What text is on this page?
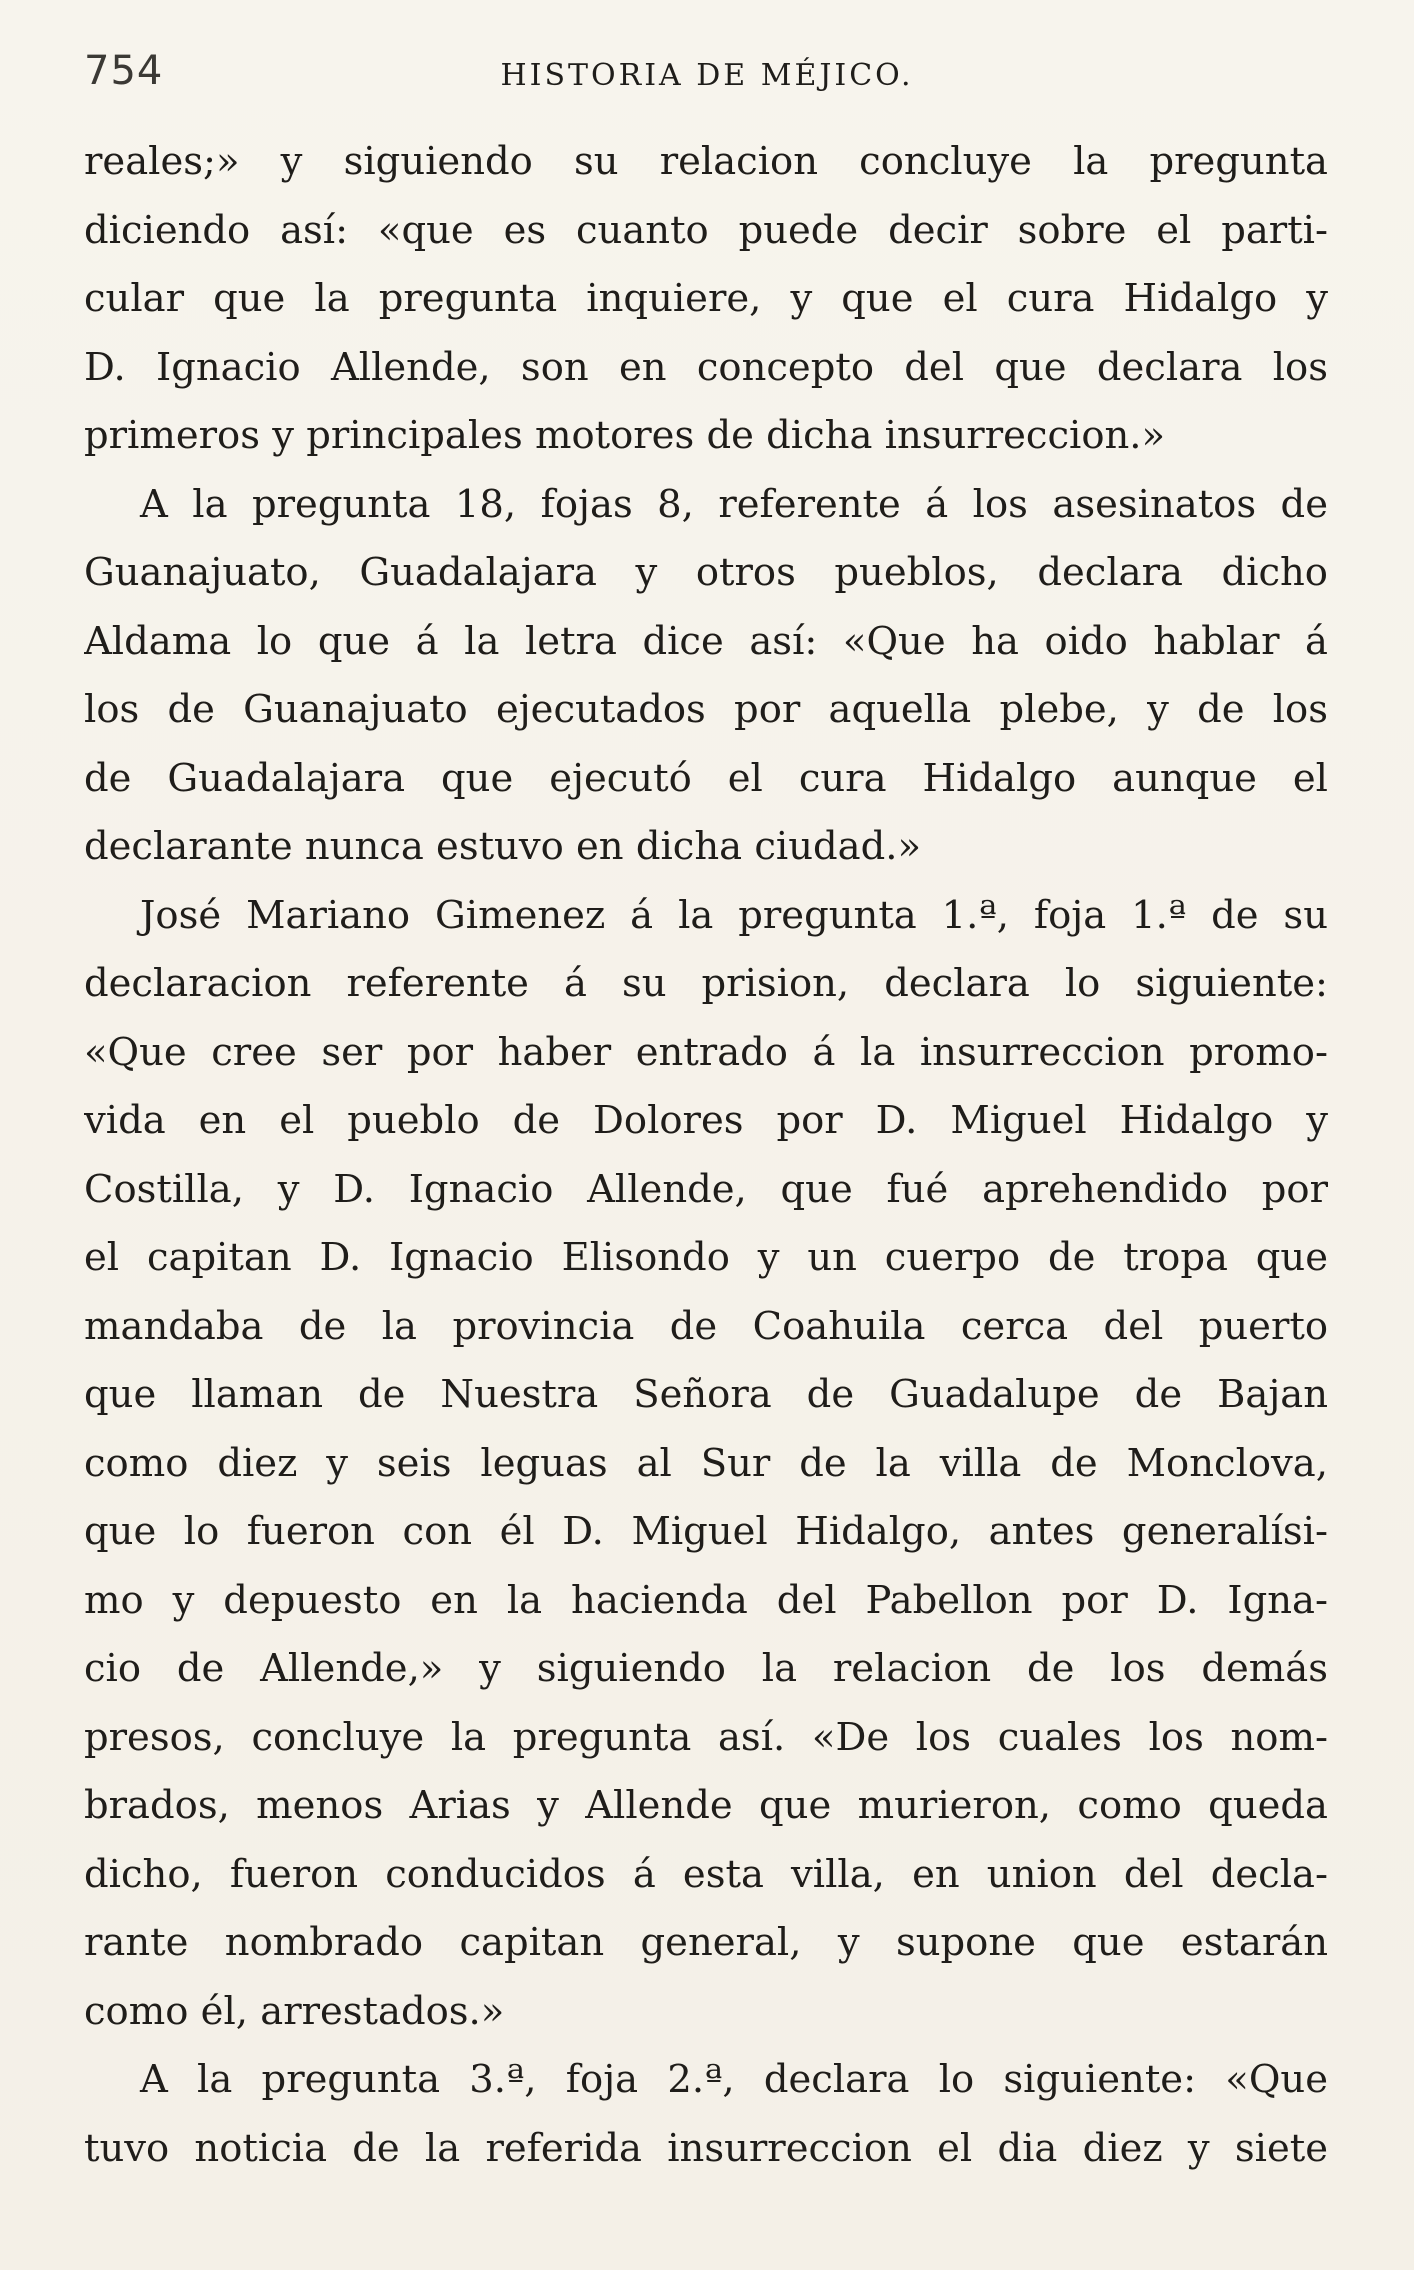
754	HISTORIA DE MÉJICO.
reales;» y siguiendo su relacion concluye la pregunta
diciendo así: «que es cuanto puede decir sobre el parti-
cular que la pregunta inquiere, y que el cura Hidalgo y
D. Ignacio Allende, son en concepto del que declara los
primeros y principales motores de dicha insurreccion.»
A la pregunta 18, fojas 8, referente á los asesinatos de
Guanajuato, Guadalajara y otros pueblos, declara dicho
Aldama lo que á la letra dice así: «Que ha oido hablar á
los de Guanajuato ejecutados por aquella plebe, y de los
de Guadalajara que ejecutó el cura Hidalgo aunque el
declarante nunca estuvo en dicha ciudad.»
José Mariano Gimenez á la pregunta 1.ª, foja 1.ª de su
declaracion referente á su prision, declara lo siguiente:
«Que cree ser por haber entrado á la insurreccion promo-
vida en el pueblo de Dolores por D. Miguel Hidalgo y
Costilla, y D. Ignacio Allende, que fué aprehendido por
el capitan D. Ignacio Elisondo y un cuerpo de tropa que
mandaba de la provincia de Coahuila cerca del puerto
que llaman de Nuestra Señora de Guadalupe de Bajan
como diez y seis leguas al Sur de la villa de Monclova,
que lo fueron con él D. Miguel Hidalgo, antes generalísi-
mo y depuesto en la hacienda del Pabellon por D. Igna-
cio de Allende,» y siguiendo la relacion de los demás
presos, concluye la pregunta así. «De los cuales los nom-
brados, menos Arias y Allende que murieron, como queda
dicho, fueron conducidos á esta villa, en union del decla-
rante nombrado capitan general, y supone que estarán
como él, arrestados.»
A la pregunta 3.ª, foja 2.ª, declara lo siguiente: «Que
tuvo noticia de la referida insurreccion el dia diez y siete
